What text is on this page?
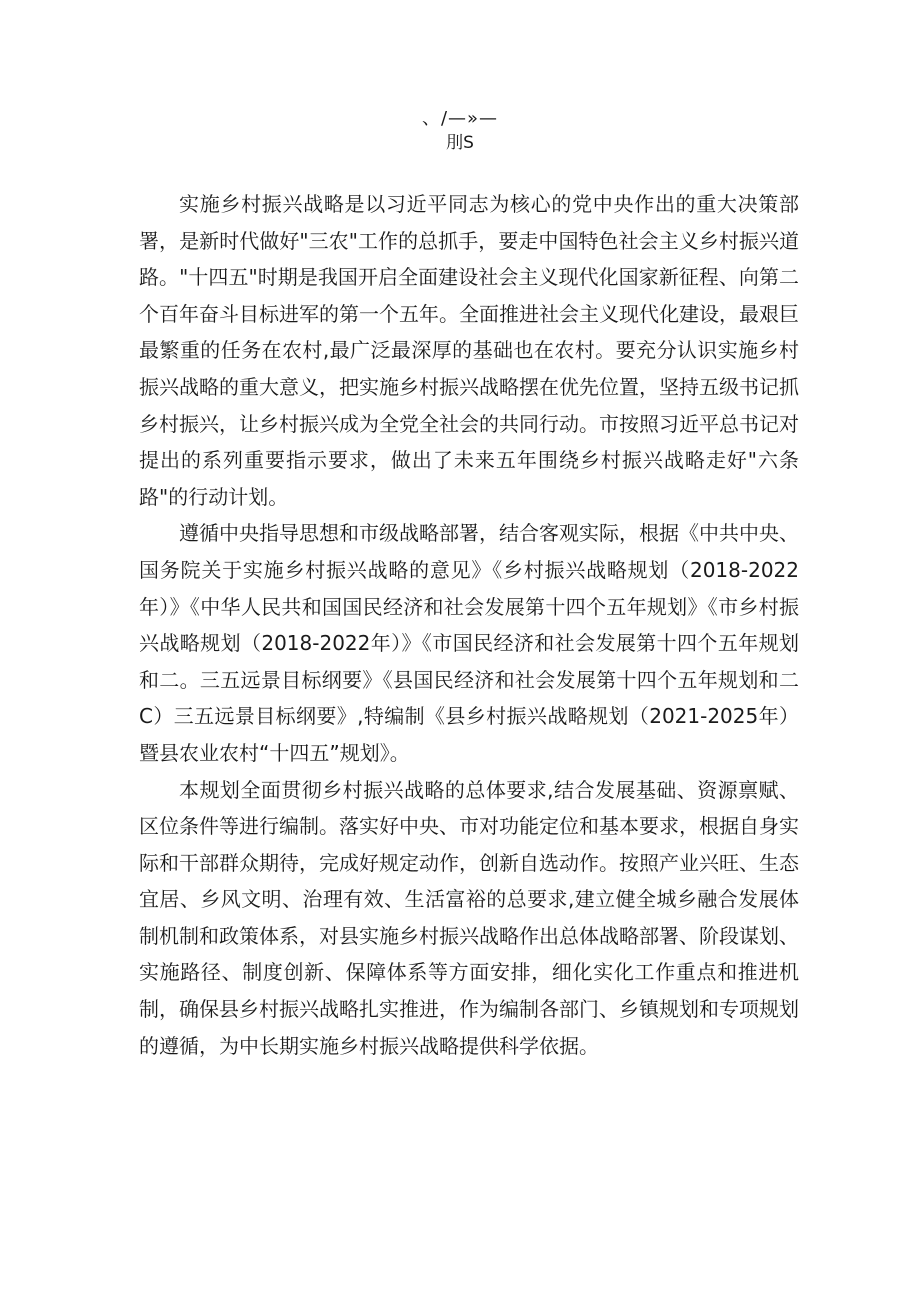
、/—»—
刖S

实施乡村振兴战略是以习近平同志为核心的党中央作出的重大决策部署，是新时代做好"三农"工作的总抓手，要走中国特色社会主义乡村振兴道路。"十四五"时期是我国开启全面建设社会主义现代化国家新征程、向第二个百年奋斗目标进军的第一个五年。全面推进社会主义现代化建设，最艰巨最繁重的任务在农村,最广泛最深厚的基础也在农村。要充分认识实施乡村振兴战略的重大意义，把实施乡村振兴战略摆在优先位置，坚持五级书记抓乡村振兴，让乡村振兴成为全党全社会的共同行动。市按照习近平总书记对提出的系列重要指示要求，做出了未来五年围绕乡村振兴战略走好"六条路"的行动计划。

遵循中央指导思想和市级战略部署，结合客观实际，根据《中共中央、国务院关于实施乡村振兴战略的意见》《乡村振兴战略规划（2018-2022年）》《中华人民共和国国民经济和社会发展第十四个五年规划》《市乡村振兴战略规划（2018-2022年）》《市国民经济和社会发展第十四个五年规划和二。三五远景目标纲要》《县国民经济和社会发展第十四个五年规划和二C）三五远景目标纲要》,特编制《县乡村振兴战略规划（2021-2025年）暨县农业农村“十四五”规划》。

本规划全面贯彻乡村振兴战略的总体要求,结合发展基础、资源禀赋、区位条件等进行编制。落实好中央、市对功能定位和基本要求，根据自身实际和干部群众期待，完成好规定动作，创新自选动作。按照产业兴旺、生态宜居、乡风文明、治理有效、生活富裕的总要求,建立健全城乡融合发展体制机制和政策体系，对县实施乡村振兴战略作出总体战略部署、阶段谋划、实施路径、制度创新、保障体系等方面安排，细化实化工作重点和推进机制，确保县乡村振兴战略扎实推进，作为编制各部门、乡镇规划和专项规划的遵循，为中长期实施乡村振兴战略提供科学依据。
